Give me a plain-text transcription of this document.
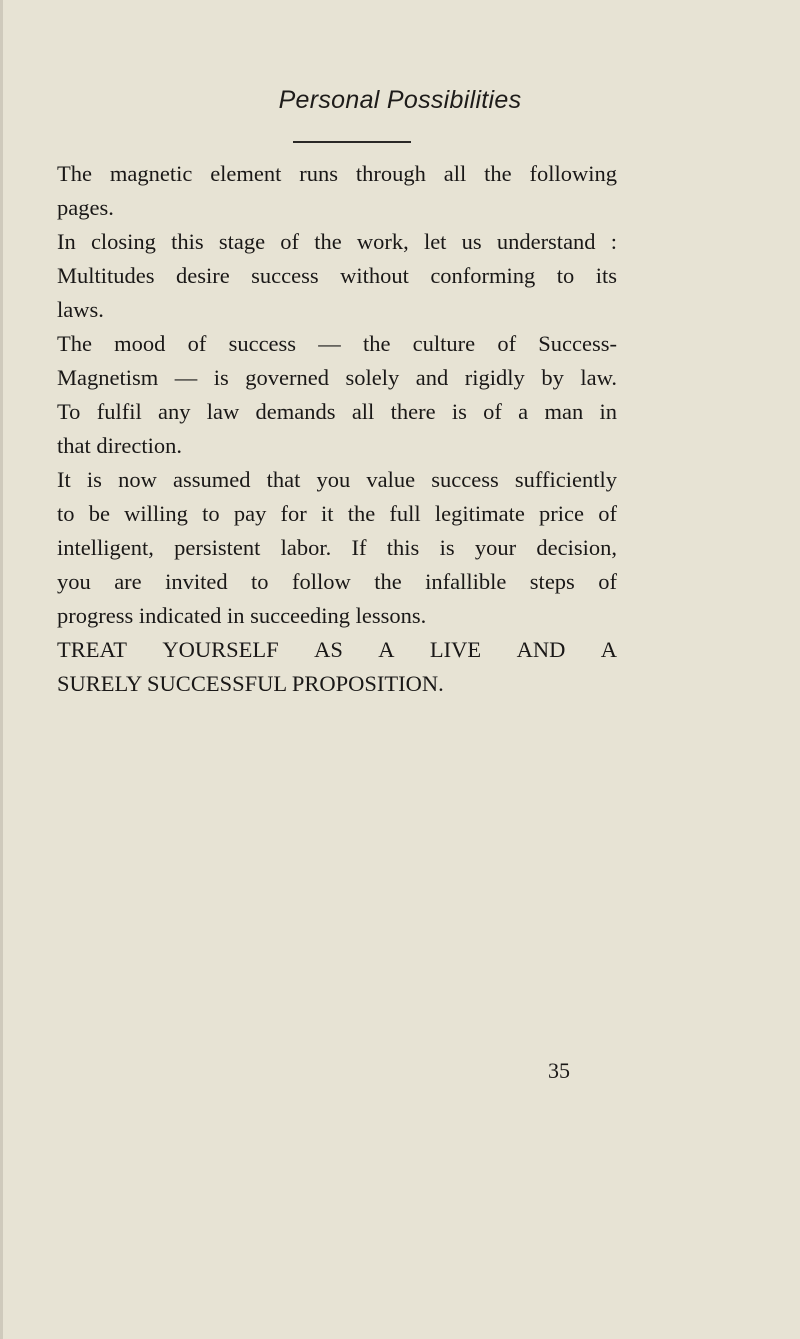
Personal Possibilities
The magnetic element runs through all the following
pages.
In closing this stage of the work, let us understand :
Multitudes desire success without conforming to its
laws.
The mood of success — the culture of Success-
Magnetism — is governed solely and rigidly by law.
To fulfil any law demands all there is of a man in
that direction.
It is now assumed that you value success sufficiently
to be willing to pay for it the full legitimate price of
intelligent, persistent labor. If this is your decision,
you are invited to follow the infallible steps of
progress indicated in succeeding lessons.
TREAT YOURSELF AS A LIVE AND A
SURELY SUCCESSFUL PROPOSITION.
35
